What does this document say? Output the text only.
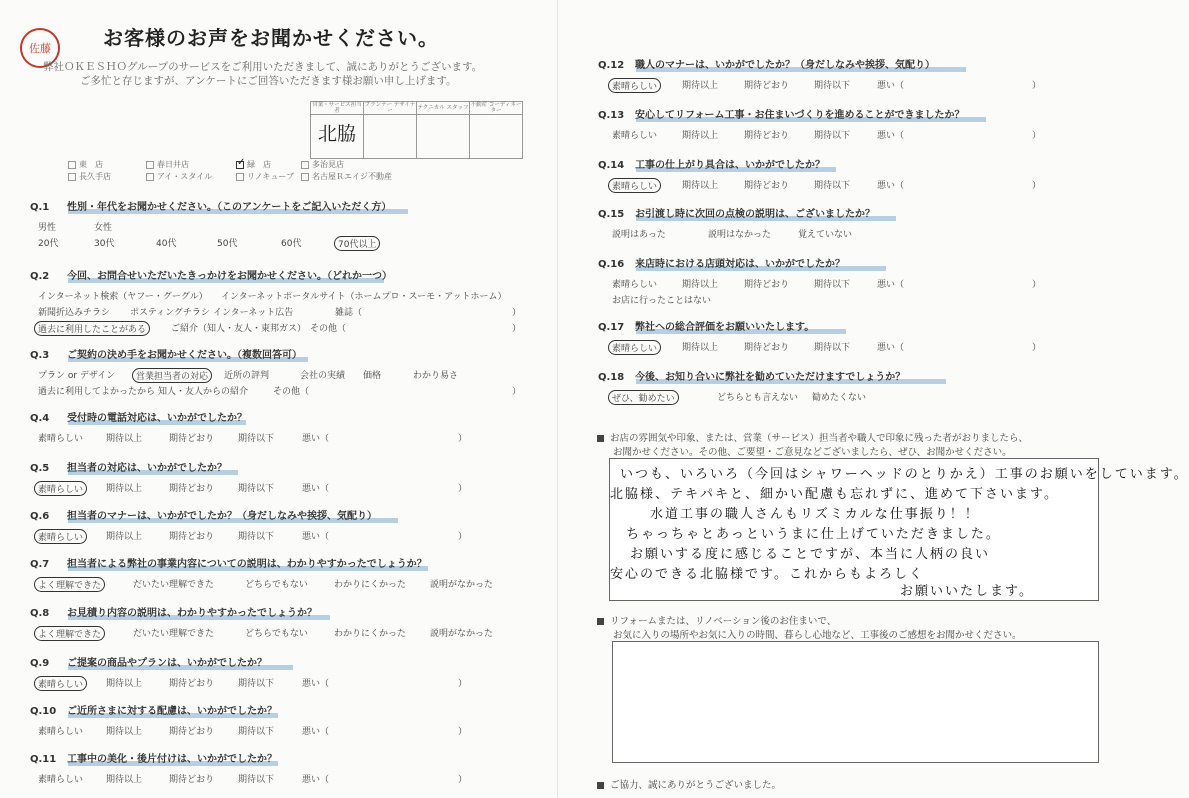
佐藤	お客様のお声をお聞かせください。
弊社ＯＫＥＳＨＯグループのサービスをご利用いただきまして、誠にありがとうございます。
ご多忙と存じますが、アンケートにご回答いただきます様お願い申し上げます。
営業・サービス担当者	プランナー デザイナー	テクニカル スタッフ	不動産 コーディネーター
北脇			
東　店	春日井店	✓ 緑　店	多治見店
長久手店	アイ・スタイル	リノキューブ	名古屋Ｒエイジ不動産
Q.1 性別・年代をお聞かせください。（このアンケートをご記入いただく方）
男性	女性
20代	30代	40代	50代	60代	70代以上
Q.2 今回、お問合せいただいたきっかけをお聞かせください。（どれか一つ）
インターネット検索（ヤフー・グーグル） インターネットポータルサイト（ホームプロ・スーモ・アットホーム）
新聞折込みチラシ ポスティングチラシ インターネット広告	雑誌（	）
過去に利用したことがある	ご紹介（知人・友人・東邦ガス） その他（	）
Q.3 ご契約の決め手をお聞かせください。（複数回答可）
プラン or デザイン	営業担当者の対応	近所の評判	会社の実績 価格	わかり易さ
過去に利用してよかったから 知人・友人からの紹介	その他（	）
Q.4 受付時の電話対応は、いかがでしたか？
素晴らしい	期待以上	期待どおり	期待以下	悪い（	）
Q.5 担当者の対応は、いかがでしたか？
素晴らしい	期待以上	期待どおり	期待以下	悪い（	）
Q.6 担当者のマナーは、いかがでしたか？（身だしなみや挨拶、気配り）
素晴らしい	期待以上	期待どおり	期待以下	悪い（	）
Q.7 担当者による弊社の事業内容についての説明は、わかりやすかったでしょうか？
よく理解できた	だいたい理解できた	どちらでもない	わかりにくかった	説明がなかった
Q.8 お見積り内容の説明は、わかりやすかったでしょうか？
よく理解できた	だいたい理解できた	どちらでもない	わかりにくかった	説明がなかった
Q.9 ご提案の商品やプランは、いかがでしたか？
素晴らしい	期待以上	期待どおり	期待以下	悪い（	）
Q.10 ご近所さまに対する配慮は、いかがでしたか？
素晴らしい	期待以上	期待どおり	期待以下	悪い（	）
Q.11 工事中の美化・後片付けは、いかがでしたか？
素晴らしい	期待以上	期待どおり	期待以下	悪い（	）
Q.12 職人のマナーは、いかがでしたか？（身だしなみや挨拶、気配り）
素晴らしい	期待以上	期待どおり	期待以下	悪い（	）
Q.13 安心してリフォーム工事・お住まいづくりを進めることができましたか？
素晴らしい	期待以上	期待どおり	期待以下	悪い（	）
Q.14 工事の仕上がり具合は、いかがでしたか？
素晴らしい	期待以上	期待どおり	期待以下	悪い（	）
Q.15 お引渡し時に次回の点検の説明は、ございましたか？
説明はあった	説明はなかった	覚えていない
Q.16 来店時における店頭対応は、いかがでしたか？
素晴らしい	期待以上	期待どおり	期待以下	悪い（	）
お店に行ったことはない
Q.17 弊社への総合評価をお願いいたします。
素晴らしい	期待以上	期待どおり	期待以下	悪い（	）
Q.18 今後、お知り合いに弊社を勧めていただけますでしょうか？
ぜひ、勧めたい	どちらとも言えない 勧めたくない
お店の雰囲気や印象、または、営業（サービス）担当者や職人で印象に残った者がおりましたら、
お聞かせください。その他、ご要望・ご意見などございましたら、ぜひ、お聞かせください。
いつも、いろいろ（今回はシャワーヘッドのとりかえ）工事のお願いをしています。
北脇様、テキパキと、細かい配慮も忘れずに、進めて下さいます。
水道工事の職人さんもリズミカルな仕事振り！！
ちゃっちゃとあっというまに仕上げていただきました。
お願いする度に感じることですが、本当に人柄の良い
安心のできる北脇様です。これからもよろしく
お願いいたします。
リフォームまたは、リノベーション後のお住まいで、
お気に入りの場所やお気に入りの時間、暮らし心地など、工事後のご感想をお聞かせください。
ご協力、誠にありがとうございました。
